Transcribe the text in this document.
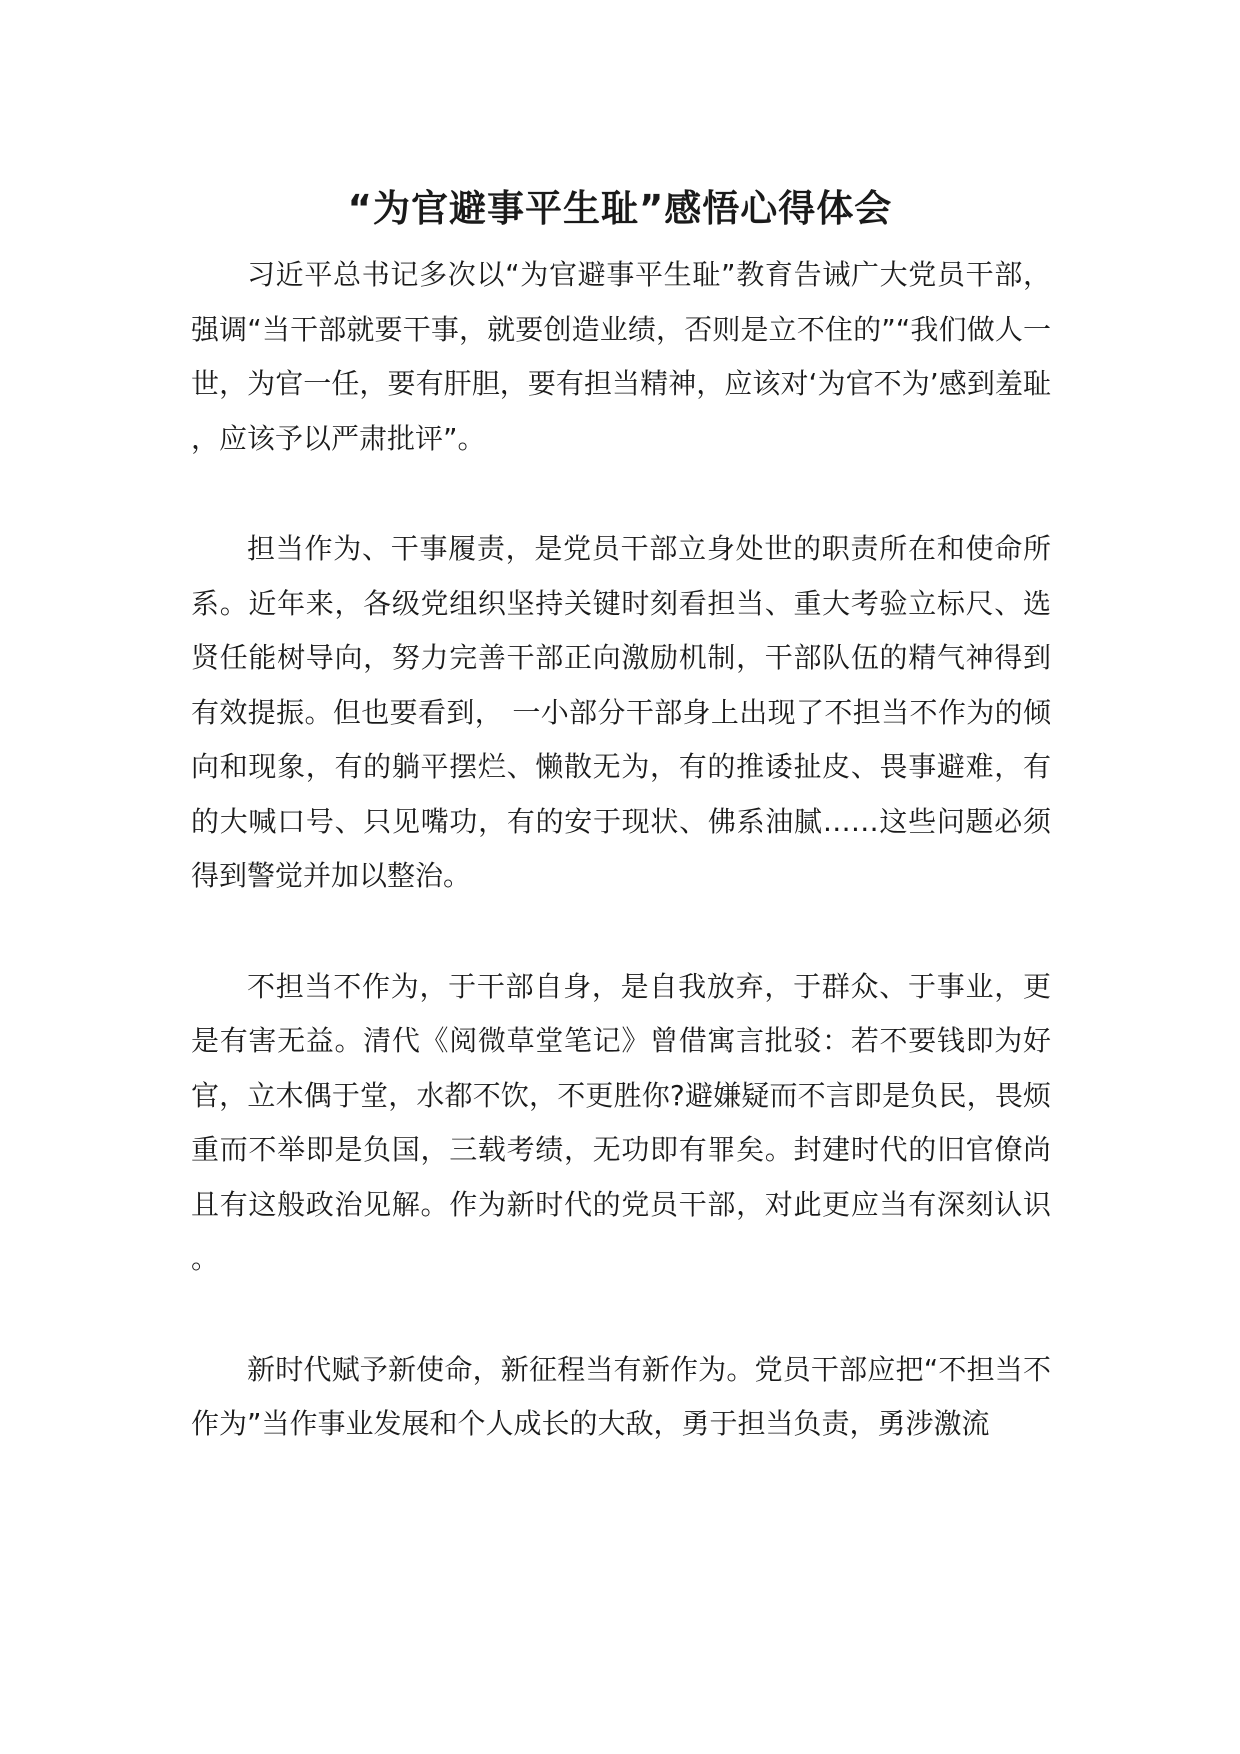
“为官避事平生耻”感悟心得体会

习近平总书记多次以“为官避事平生耻”教育告诫广大党员干部，强调“当干部就要干事，就要创造业绩，否则是立不住的”“我们做人一世，为官一任，要有肝胆，要有担当精神，应该对‘为官不为’感到羞耻，应该予以严肃批评”。

担当作为、干事履责，是党员干部立身处世的职责所在和使命所系。近年来，各级党组织坚持关键时刻看担当、重大考验立标尺、选贤任能树导向，努力完善干部正向激励机制，干部队伍的精气神得到有效提振。但也要看到， 一小部分干部身上出现了不担当不作为的倾向和现象，有的躺平摆烂、懒散无为，有的推诿扯皮、畏事避难，有的大喊口号、只见嘴功，有的安于现状、佛系油腻……这些问题必须得到警觉并加以整治。

不担当不作为，于干部自身，是自我放弃，于群众、于事业，更是有害无益。清代《阅微草堂笔记》曾借寓言批驳：若不要钱即为好官，立木偶于堂，水都不饮，不更胜你?避嫌疑而不言即是负民，畏烦重而不举即是负国，三载考绩，无功即有罪矣。封建时代的旧官僚尚且有这般政治见解。作为新时代的党员干部，对此更应当有深刻认识。

新时代赋予新使命，新征程当有新作为。党员干部应把“不担当不作为”当作事业发展和个人成长的大敌，勇于担当负责，勇涉激流
